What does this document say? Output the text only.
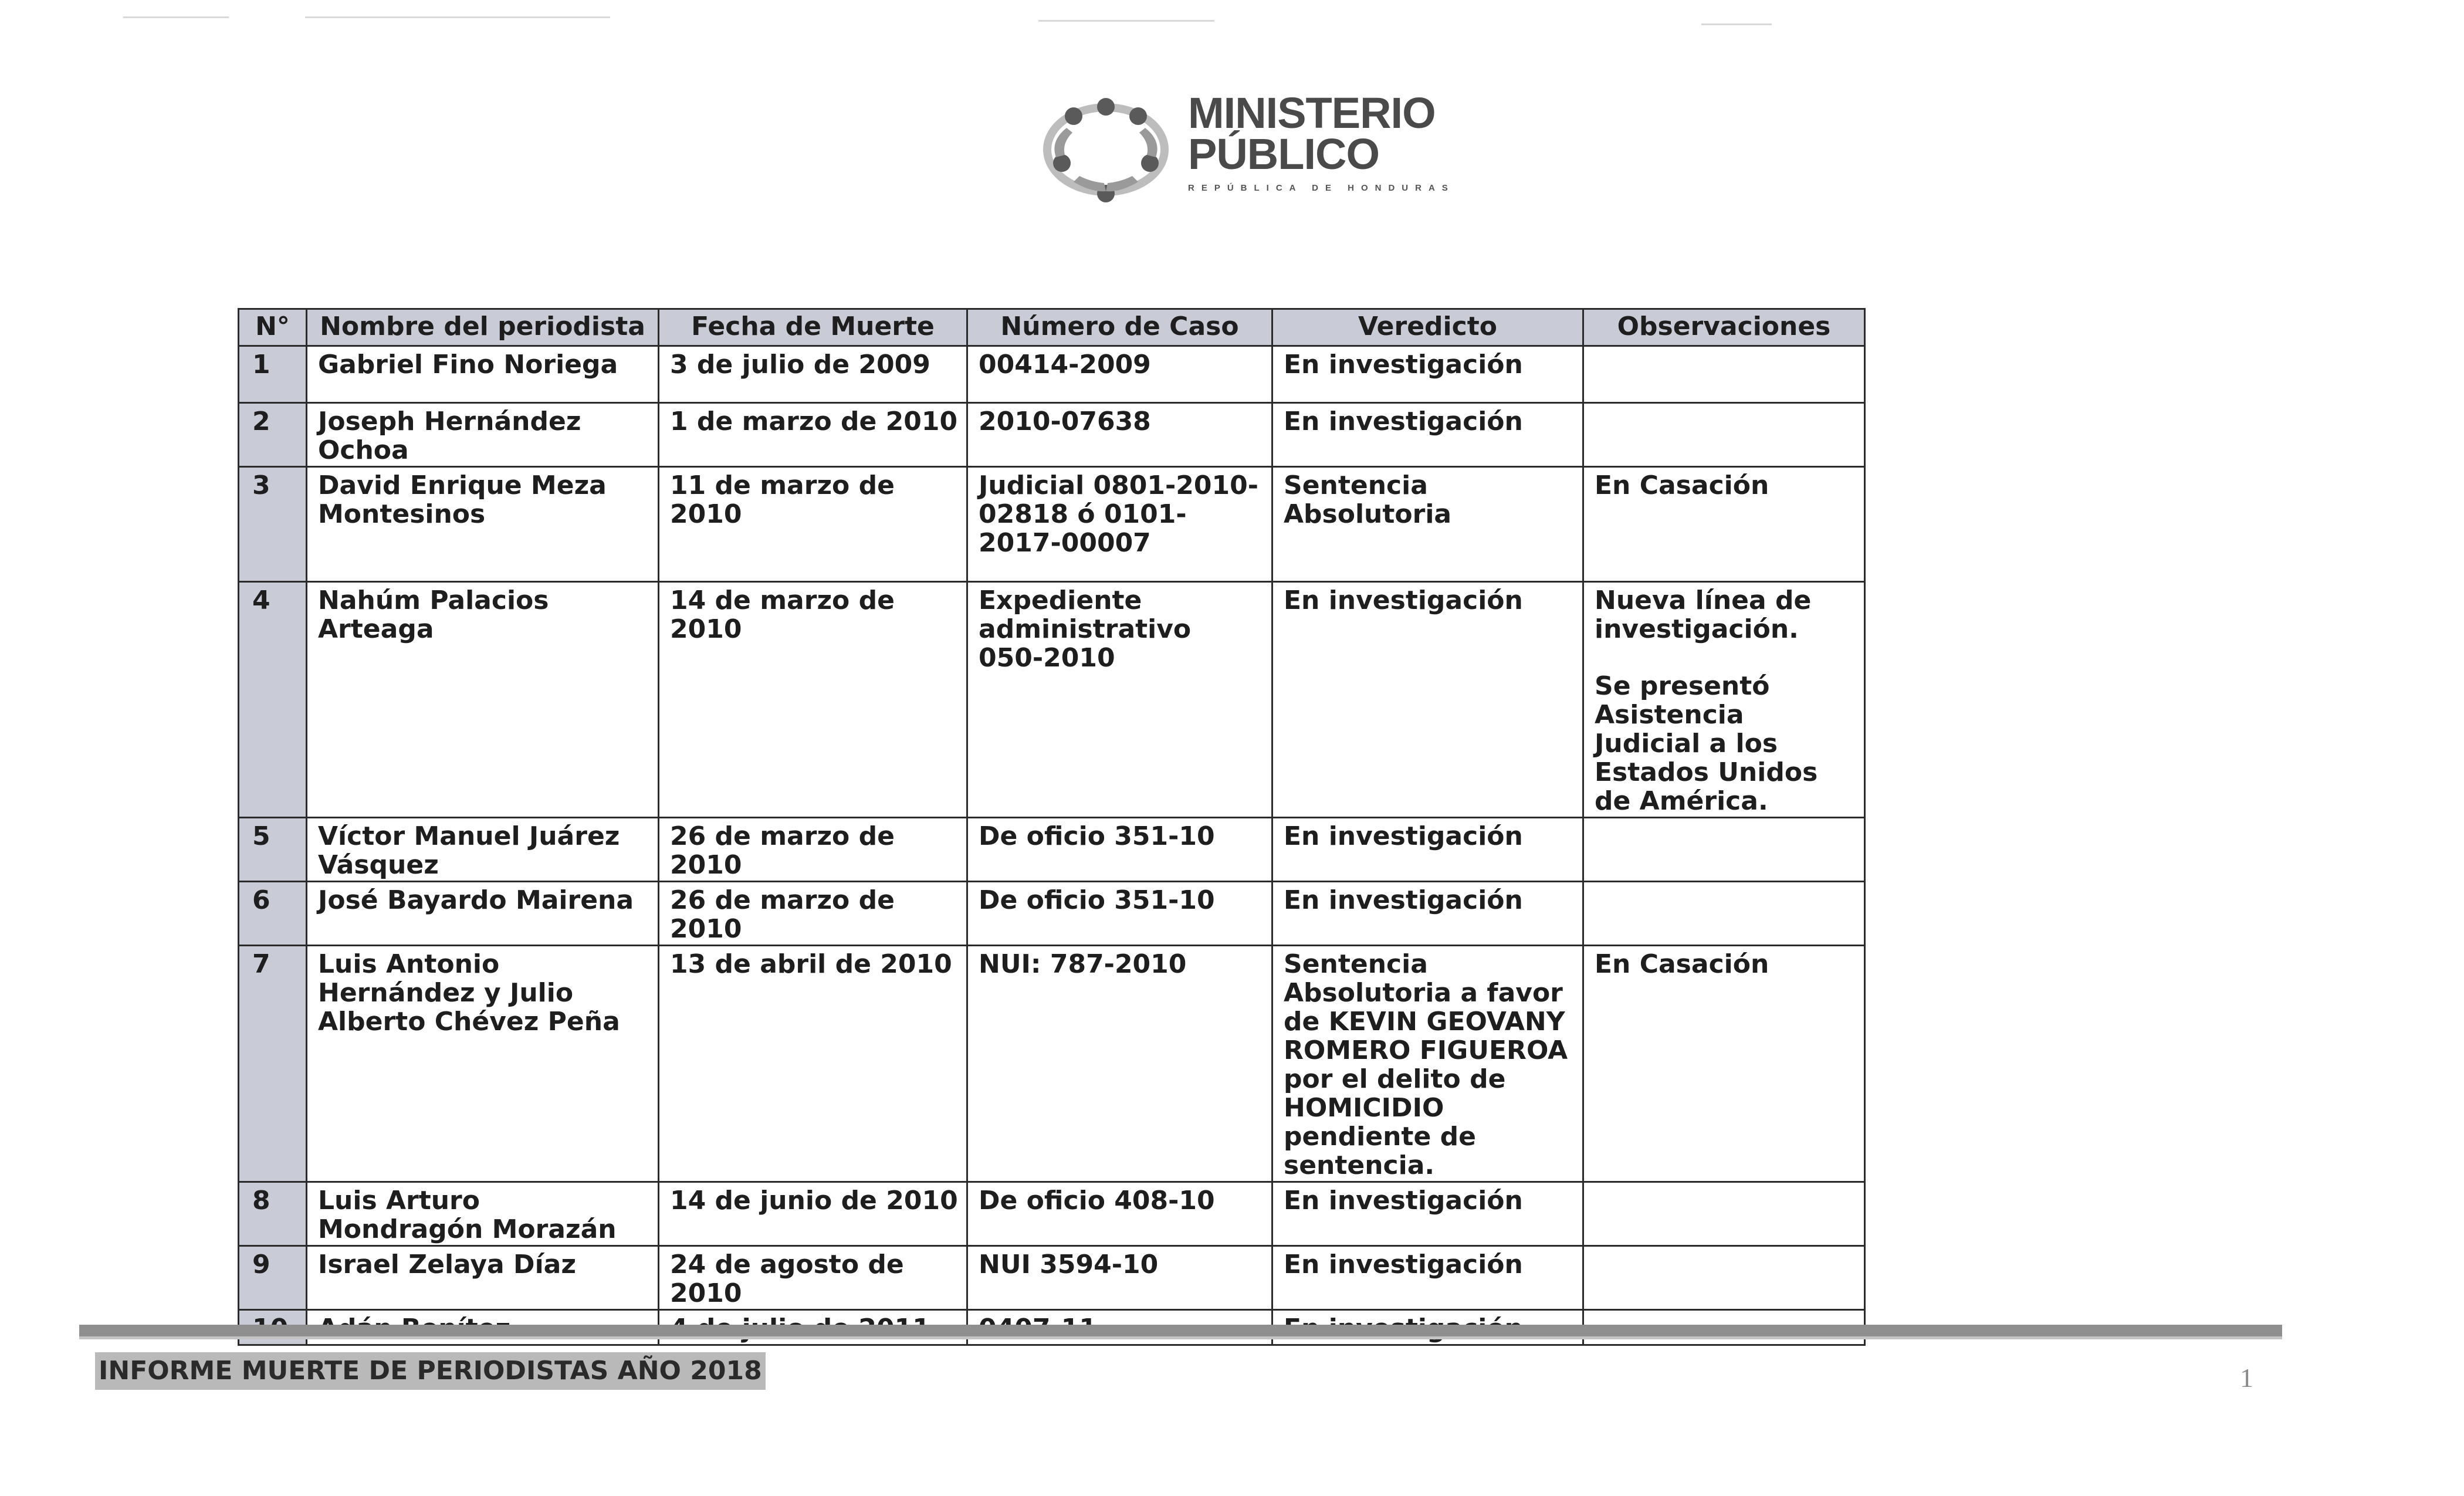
MINISTERIO
PÚBLICO
REPÚBLICA DE HONDURAS
N°	Nombre del periodista	Fecha de Muerte	Número de Caso	Veredicto	Observaciones
1	Gabriel Fino Noriega	3 de julio de 2009	00414-2009	En investigación	
2	Joseph Hernández Ochoa	1 de marzo de 2010	2010-07638	En investigación	
3	David Enrique Meza Montesinos	11 de marzo de 2010	Judicial 0801-2010-02818 ó 0101-2017-00007	Sentencia Absolutoria	En Casación
4	Nahúm Palacios Arteaga	14 de marzo de 2010	Expediente administrativo 050-2010	En investigación	Nueva línea de investigación.
Se presentó Asistencia Judicial a los Estados Unidos de América.

5	Víctor Manuel Juárez Vásquez	26 de marzo de 2010	De oficio 351-10	En investigación	
6	José Bayardo Mairena	26 de marzo de 2010	De oficio 351-10	En investigación	
7	Luis Antonio Hernández y Julio Alberto Chévez Peña	13 de abril de 2010	NUI: 787-2010	Sentencia Absolutoria a favor de KEVIN GEOVANY ROMERO FIGUEROA por el delito de HOMICIDIO pendiente de sentencia.	En Casación
8	Luis Arturo Mondragón Morazán	14 de junio de 2010	De oficio 408-10	En investigación	
9	Israel Zelaya Díaz	24 de agosto de 2010	NUI 3594-10	En investigación	

INFORME MUERTE DE PERIODISTAS AÑO 2018	1
